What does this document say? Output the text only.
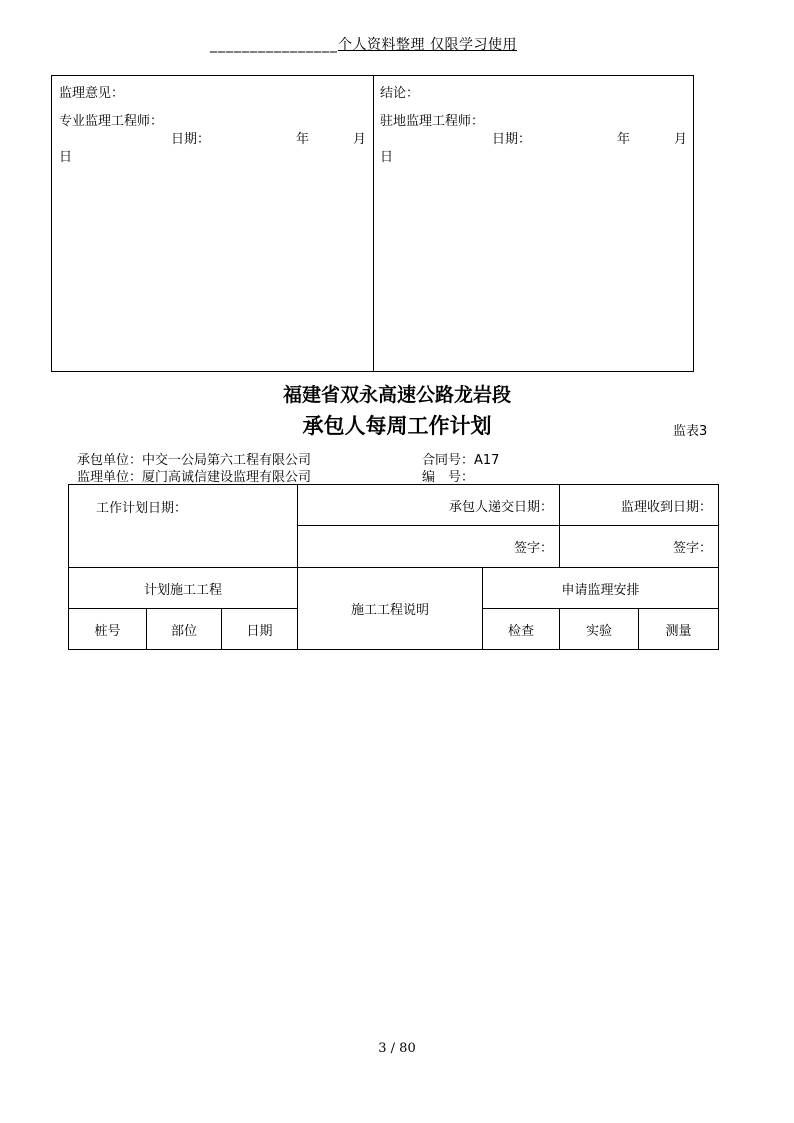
________________个人资料整理 仅限学习使用
监理意见：
专业监理工程师：
日期：	年	月
日
结论：
驻地监理工程师：
日期：	年	月
日
福建省双永高速公路龙岩段
承包人每周工作计划	监表3
承包单位：中交一公局第六工程有限公司	合同号：A17
监理单位：厦门高诚信建设监理有限公司	编　号：
工作计划日期：			承包人递交日期：		监理收到日期：	
			签字：		签字：	
计划施工工程			施工工程说明	申请监理安排		
桩号	部位	日期		检查	实验	测量
3 / 80
